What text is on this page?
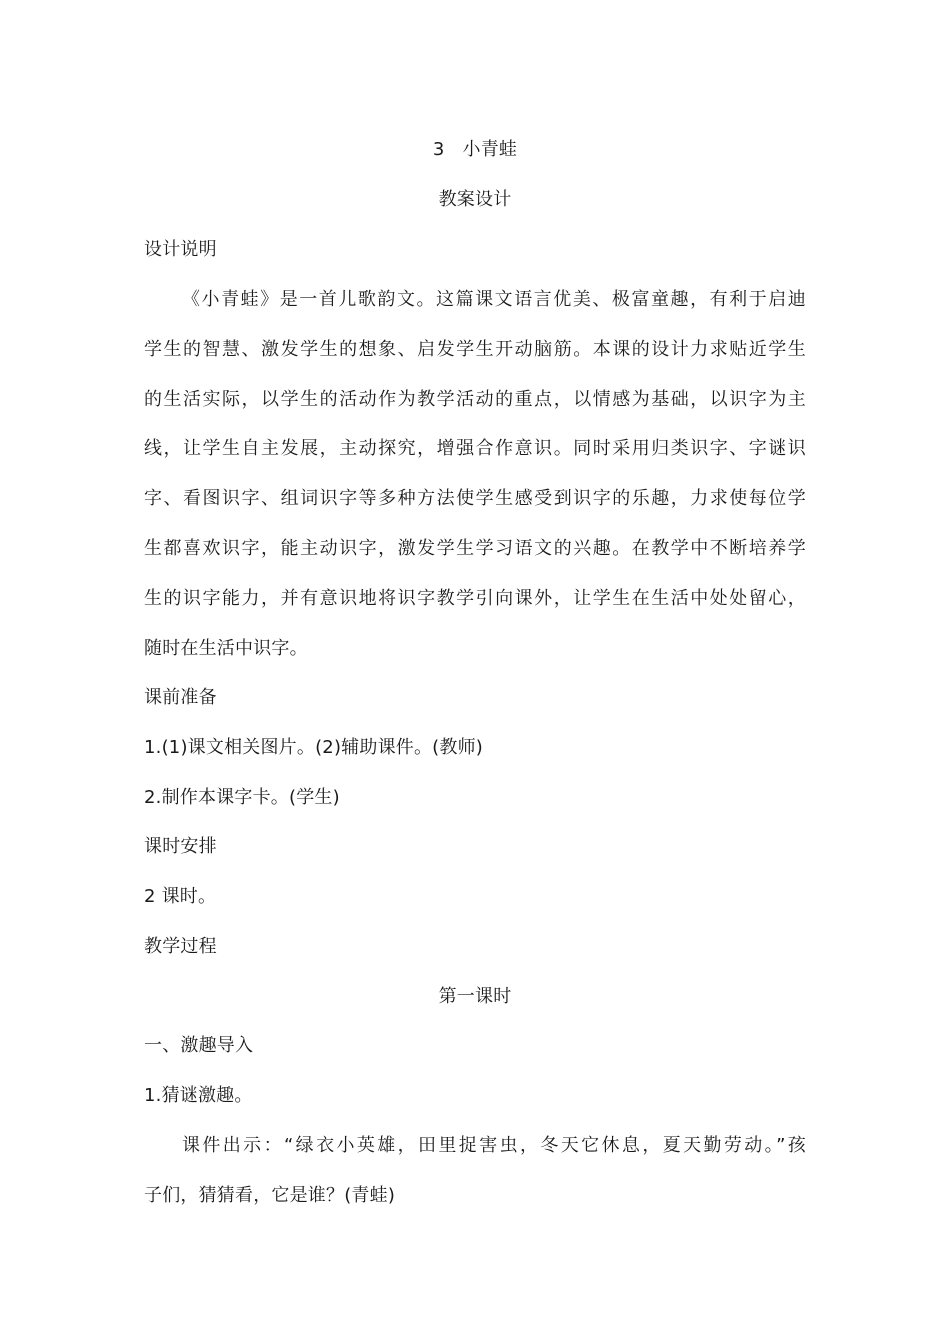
3 小青蛙
教案设计
设计说明
《小青蛙》是一首儿歌韵文。这篇课文语言优美、极富童趣，有利于启迪
学生的智慧、激发学生的想象、启发学生开动脑筋。本课的设计力求贴近学生
的生活实际，以学生的活动作为教学活动的重点，以情感为基础，以识字为主
线，让学生自主发展，主动探究，增强合作意识。同时采用归类识字、字谜识
字、看图识字、组词识字等多种方法使学生感受到识字的乐趣，力求使每位学
生都喜欢识字，能主动识字，激发学生学习语文的兴趣。在教学中不断培养学
生的识字能力，并有意识地将识字教学引向课外，让学生在生活中处处留心，
随时在生活中识字。
课前准备
1.(1)课文相关图片。(2)辅助课件。(教师)
2.制作本课字卡。(学生)
课时安排
2 课时。
教学过程
第一课时
一、激趣导入
1.猜谜激趣。
课件出示：“绿衣小英雄，田里捉害虫，冬天它休息，夏天勤劳动。”孩
子们，猜猜看，它是谁？(青蛙)
